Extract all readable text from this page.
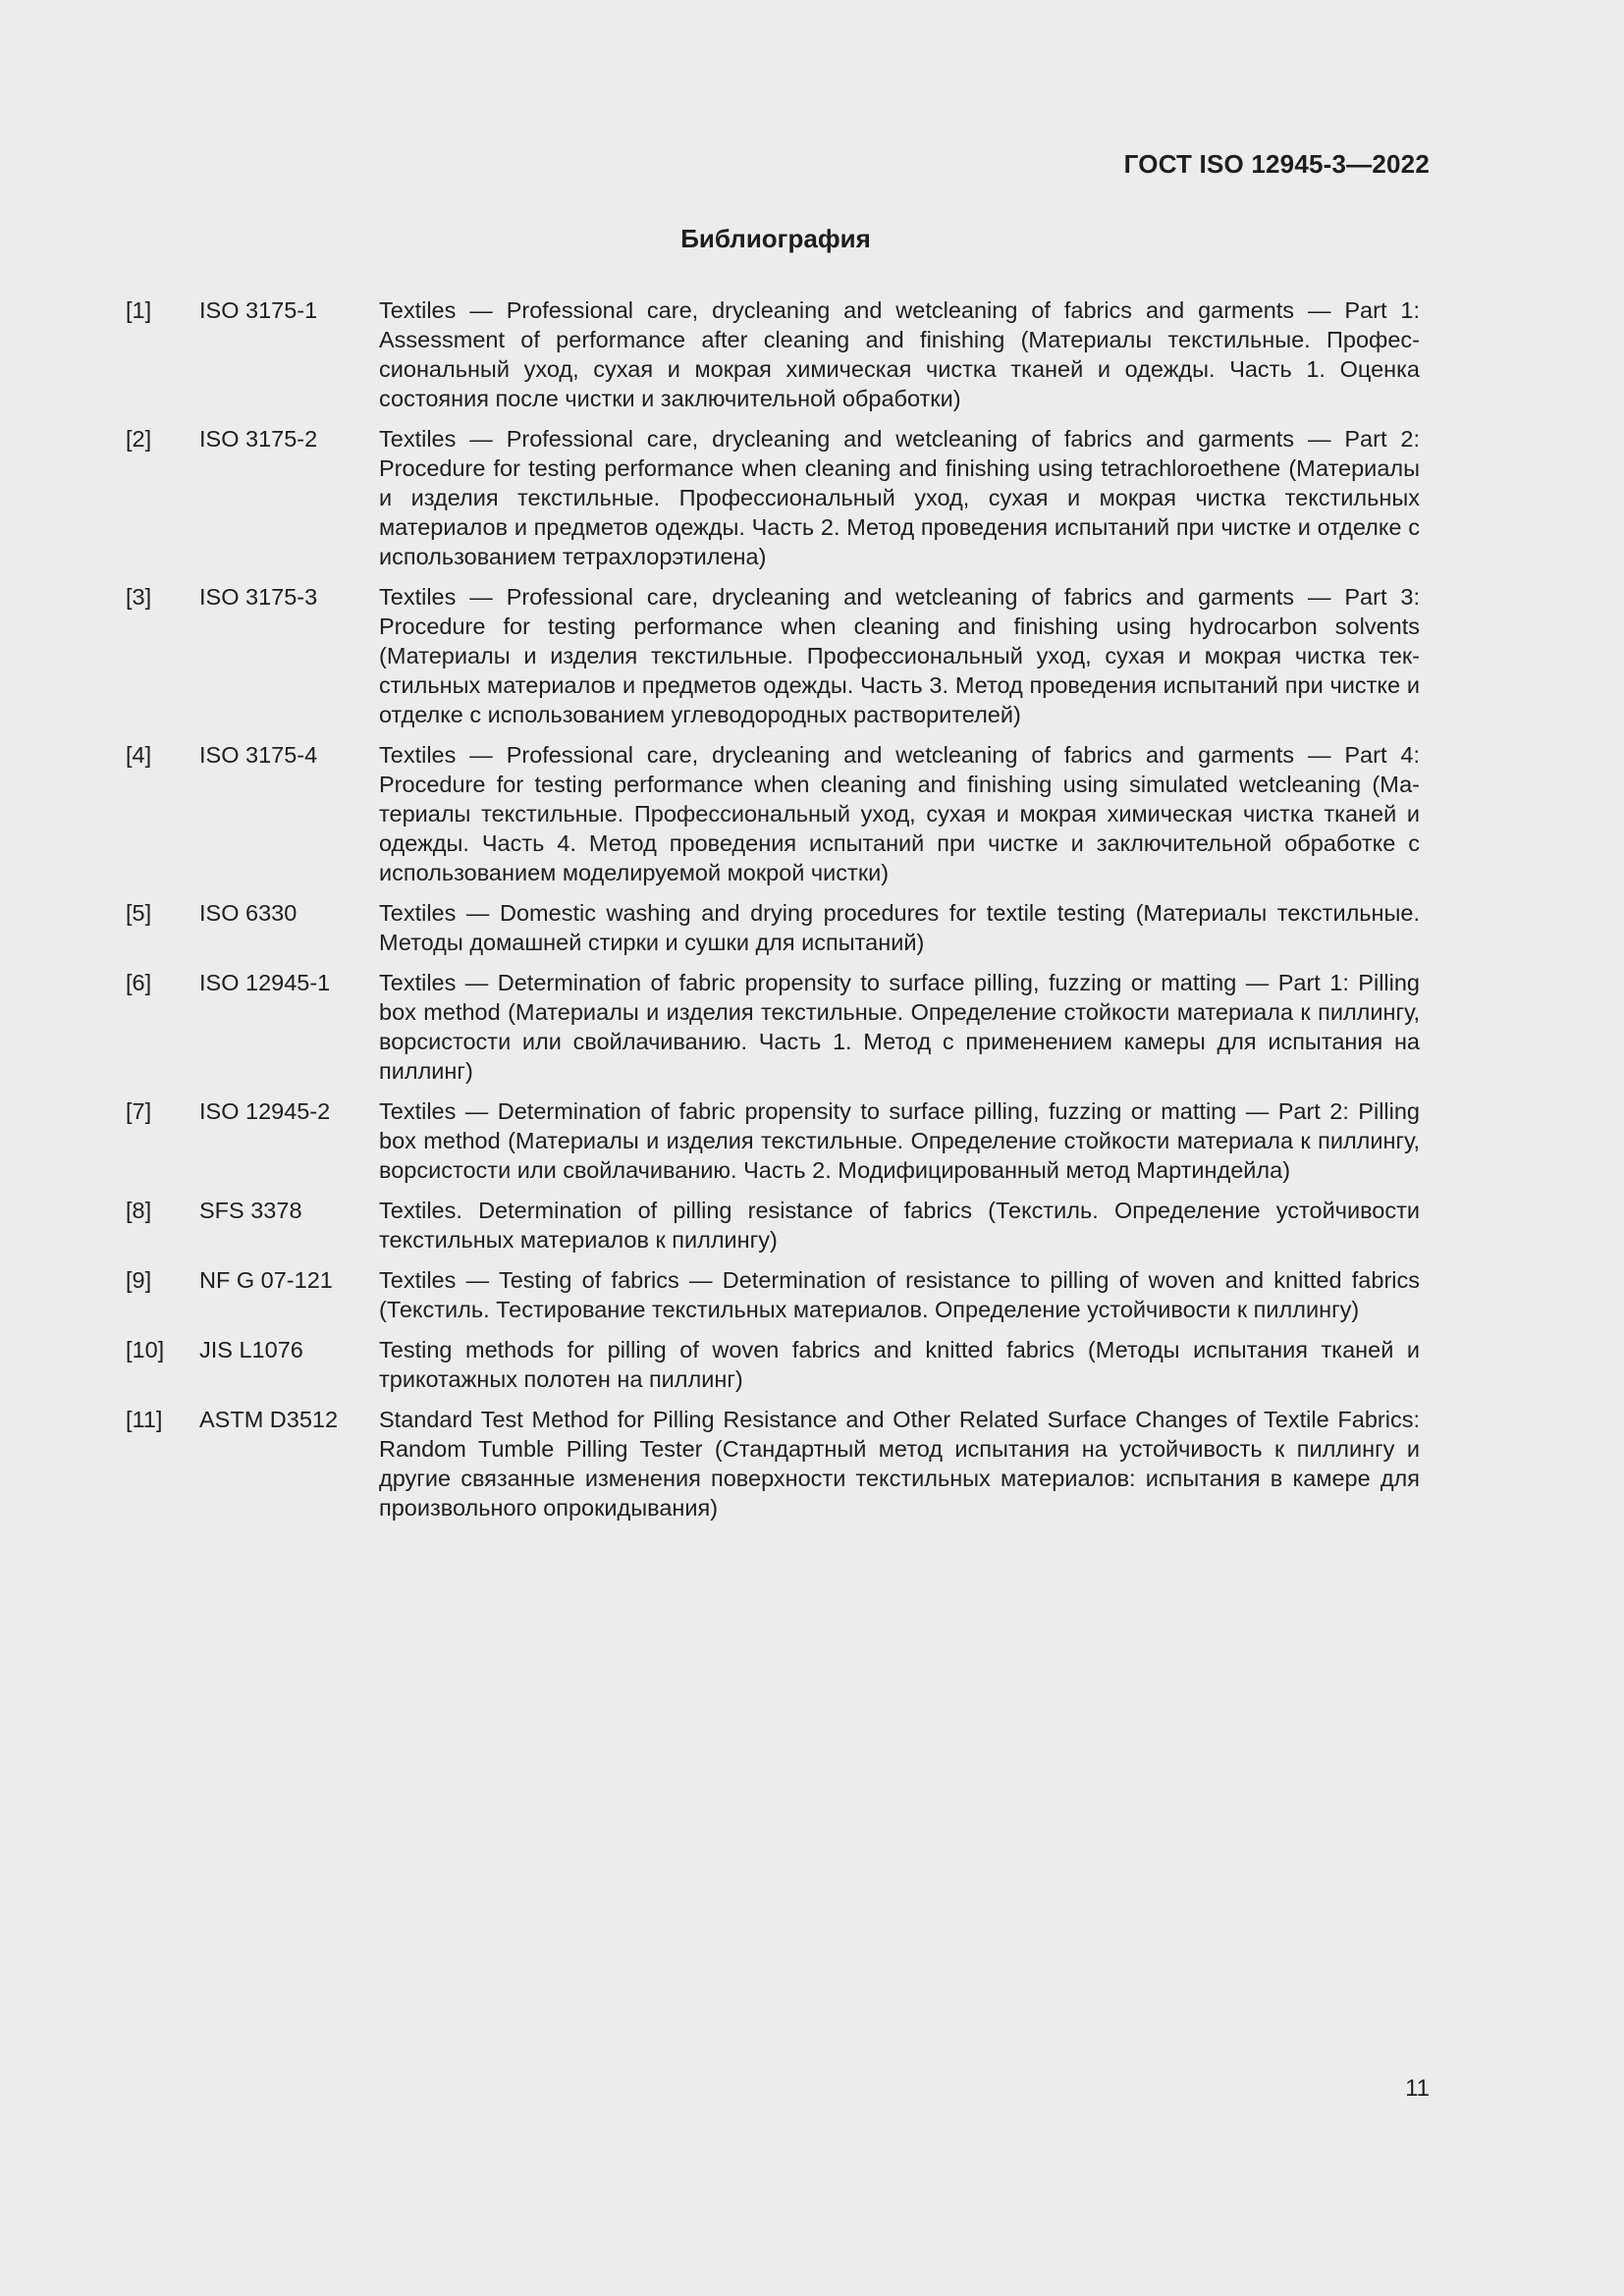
ГОСТ ISO 12945-3—2022
Библиография
[1]	ISO 3175-1	Textiles — Professional care, drycleaning and wetcleaning of fabrics and garments — Part 1: Assessment of performance after cleaning and finishing (Материалы текстильные. Профессиональный уход, сухая и мокрая химическая чистка тканей и одежды. Часть 1. Оценка состояния после чистки и заключительной обработки)
[2]	ISO 3175-2	Textiles — Professional care, drycleaning and wetcleaning of fabrics and garments — Part 2: Procedure for testing performance when cleaning and finishing using tetrachloroethene (Материалы и изделия текстильные. Профессиональный уход, сухая и мокрая чистка текстильных материалов и предметов одежды. Часть 2. Метод проведения испытаний при чистке и отделке с использованием тетрахлорэтилена)
[3]	ISO 3175-3	Textiles — Professional care, drycleaning and wetcleaning of fabrics and garments — Part 3: Procedure for testing performance when cleaning and finishing using hydrocarbon solvents (Материалы и изделия текстильные. Профессиональный уход, сухая и мокрая чистка текстильных материалов и предметов одежды. Часть 3. Метод проведения испытаний при чистке и отделке с использованием углеводородных растворителей)
[4]	ISO 3175-4	Textiles — Professional care, drycleaning and wetcleaning of fabrics and garments — Part 4: Procedure for testing performance when cleaning and finishing using simulated wetcleaning (Материалы текстильные. Профессиональный уход, сухая и мокрая химическая чистка тканей и одежды. Часть 4. Метод проведения испытаний при чистке и заключительной обработке с использованием моделируемой мокрой чистки)
[5]	ISO 6330	Textiles — Domestic washing and drying procedures for textile testing (Материалы текстильные. Методы домашней стирки и сушки для испытаний)
[6]	ISO 12945-1	Textiles — Determination of fabric propensity to surface pilling, fuzzing or matting — Part 1: Pilling box method (Материалы и изделия текстильные. Определение стойкости материала к пиллингу, ворсистости или свойлачиванию. Часть 1. Метод с применением камеры для испытания на пиллинг)
[7]	ISO 12945-2	Textiles — Determination of fabric propensity to surface pilling, fuzzing or matting — Part 2: Pilling box method (Материалы и изделия текстильные. Определение стойкости материала к пиллингу, ворсистости или свойлачиванию. Часть 2. Модифицированный метод Мартиндейла)
[8]	SFS 3378	Textiles. Determination of pilling resistance of fabrics (Текстиль. Определение устойчивости текстильных материалов к пиллингу)
[9]	NF G 07-121	Textiles — Testing of fabrics — Determination of resistance to pilling of woven and knitted fabrics (Текстиль. Тестирование текстильных материалов. Определение устойчивости к пиллингу)
[10]	JIS L1076	Testing methods for pilling of woven fabrics and knitted fabrics (Методы испытания тканей и трикотажных полотен на пиллинг)
[11]	ASTM D3512	Standard Test Method for Pilling Resistance and Other Related Surface Changes of Textile Fabrics: Random Tumble Pilling Tester (Стандартный метод испытания на устойчивость к пиллингу и другие связанные изменения поверхности текстильных материалов: испытания в камере для произвольного опрокидывания)
11
